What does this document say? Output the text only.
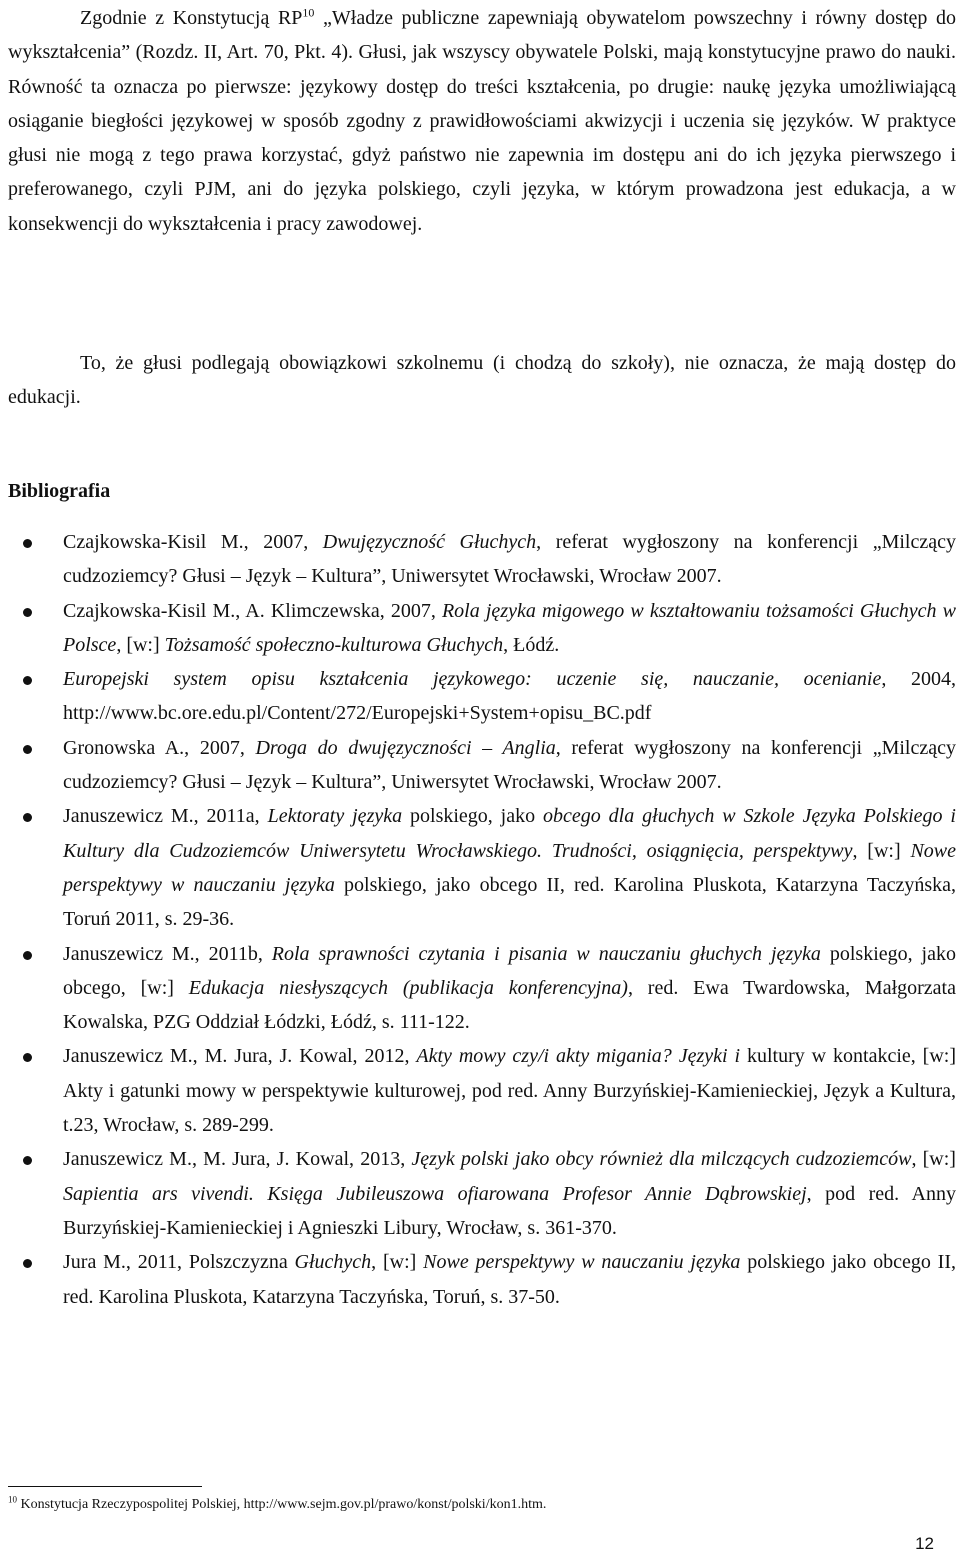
Zgodnie z Konstytucją RP$^{10}$ „Władze publiczne zapewniają obywatelom powszechny i równy dostęp do wykształcenia” (Rozdz. II, Art. 70, Pkt. 4). Głusi, jak wszyscy obywatele Polski, mają konstytucyjne prawo do nauki. Równość ta oznacza po pierwsze: językowy dostęp do treści kształcenia, po drugie: naukę języka umożliwiającą osiąganie biegłości językowej w sposób zgodny z prawidłowościami akwizycji i uczenia się języków. W praktyce głusi nie mogą z tego prawa korzystać, gdyż państwo nie zapewnia im dostępu ani do ich języka pierwszego i preferowanego, czyli PJM, ani do języka polskiego, czyli języka, w którym prowadzona jest edukacja, a w konsekwencji do wykształcenia i pracy zawodowej.

To, że głusi podlegają obowiązkowi szkolnemu (i chodzą do szkoły), nie oznacza, że mają dostęp do edukacji.

Bibliografia
Czajkowska-Kisil M., 2007, Dwujęzyczność Głuchych, referat wygłoszony na konferencji „Milczący cudzoziemcy? Głusi – Język – Kultura”, Uniwersytet Wrocławski, Wrocław 2007.
Czajkowska-Kisil M., A. Klimczewska, 2007, Rola języka migowego w kształtowaniu tożsamości Głuchych w Polsce, [w:] Tożsamość społeczno-kulturowa Głuchych, Łódź.
Europejski system opisu kształcenia językowego: uczenie się, nauczanie, ocenianie, 2004, http://www.bc.ore.edu.pl/Content/272/Europejski+System+opisu_BC.pdf
Gronowska A., 2007, Droga do dwujęzyczności – Anglia, referat wygłoszony na konferencji „Milczący cudzoziemcy? Głusi – Język – Kultura”, Uniwersytet Wrocławski, Wrocław 2007.
Januszewicz M., 2011a, Lektoraty języka polskiego, jako obcego dla głuchych w Szkole Języka Polskiego i Kultury dla Cudzoziemców Uniwersytetu Wrocławskiego. Trudności, osiągnięcia, perspektywy, [w:] Nowe perspektywy w nauczaniu języka polskiego, jako obcego II, red. Karolina Pluskota, Katarzyna Taczyńska, Toruń 2011, s. 29-36.
Januszewicz M., 2011b, Rola sprawności czytania i pisania w nauczaniu głuchych języka polskiego, jako obcego, [w:] Edukacja niesłyszących (publikacja konferencyjna), red. Ewa Twardowska, Małgorzata Kowalska, PZG Oddział Łódzki, Łódź, s. 111-122.
Januszewicz M., M. Jura, J. Kowal, 2012, Akty mowy czy/i akty migania? Języki i kultury w kontakcie, [w:] Akty i gatunki mowy w perspektywie kulturowej, pod red. Anny Burzyńskiej-Kamienieckiej, Język a Kultura, t.23, Wrocław, s. 289-299.
Januszewicz M., M. Jura, J. Kowal, 2013, Język polski jako obcy również dla milczących cudzoziemców, [w:] Sapientia ars vivendi. Księga Jubileuszowa ofiarowana Profesor Annie Dąbrowskiej, pod red. Anny Burzyńskiej-Kamienieckiej i Agnieszki Libury, Wrocław, s. 361-370.
Jura M., 2011, Polszczyzna Głuchych, [w:] Nowe perspektywy w nauczaniu języka polskiego jako obcego II, red. Karolina Pluskota, Katarzyna Taczyńska, Toruń, s. 37-50.

$^{10}$ Konstytucja Rzeczypospolitej Polskiej, http://www.sejm.gov.pl/prawo/konst/polski/kon1.htm.

12
